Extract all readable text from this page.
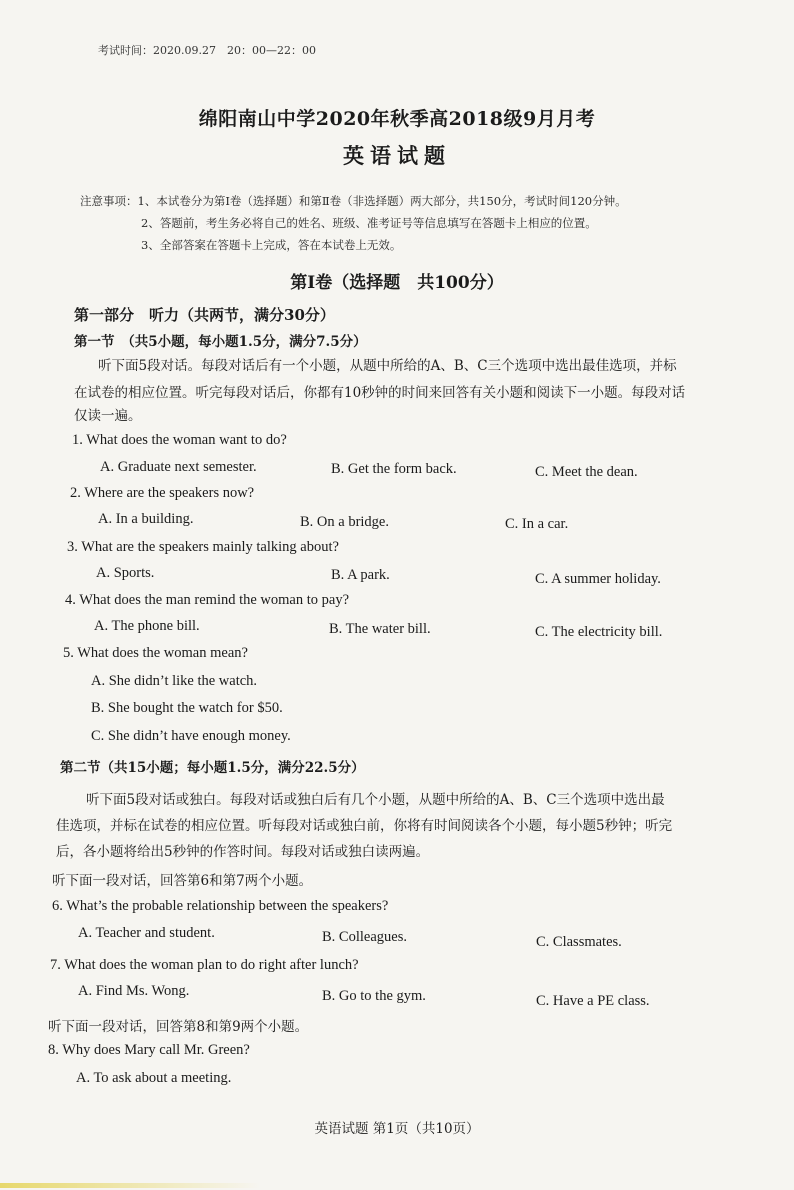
考试时间：2020.09.27　20：00—22：00
绵阳南山中学2020年秋季高2018级9月月考
英语试题
注意事项：1、本试卷分为第Ⅰ卷（选择题）和第Ⅱ卷（非选择题）两大部分，共150分，考试时间120分钟。
2、答题前，考生务必将自己的姓名、班级、准考证号等信息填写在答题卡上相应的位置。
3、全部答案在答题卡上完成，答在本试卷上无效。
第Ⅰ卷（选择题　共100分）
第一部分　听力（共两节，满分30分）
第一节　（共5小题，每小题1.5分，满分7.5分）
听下面5段对话。每段对话后有一个小题，从题中所给的A、B、C三个选项中选出最佳选项，并标
在试卷的相应位置。听完每段对话后，你都有10秒钟的时间来回答有关小题和阅读下一小题。每段对话
仅读一遍。
1. What does the woman want to do?
A. Graduate next semester.	B. Get the form back.	C. Meet the dean.
2. Where are the speakers now?
A. In a building.	B. On a bridge.	C. In a car.
3. What are the speakers mainly talking about?
A. Sports.	B. A park.	C. A summer holiday.
4. What does the man remind the woman to pay?
A. The phone bill.	B. The water bill.	C. The electricity bill.
5. What does the woman mean?
A. She didn’t like the watch.
B. She bought the watch for $50.
C. She didn’t have enough money.
第二节（共15小题；每小题1.5分，满分22.5分）
听下面5段对话或独白。每段对话或独白后有几个小题，从题中所给的A、B、C三个选项中选出最
佳选项，并标在试卷的相应位置。听每段对话或独白前，你将有时间阅读各个小题，每小题5秒钟；听完
后，各小题将给出5秒钟的作答时间。每段对话或独白读两遍。
听下面一段对话，回答第6和第7两个小题。
6. What’s the probable relationship between the speakers?
A. Teacher and student.	B. Colleagues.	C. Classmates.
7. What does the woman plan to do right after lunch?
A. Find Ms. Wong.	B. Go to the gym.	C. Have a PE class.
听下面一段对话，回答第8和第9两个小题。
8. Why does Mary call Mr. Green?
A. To ask about a meeting.
英语试题 第1页（共10页）
